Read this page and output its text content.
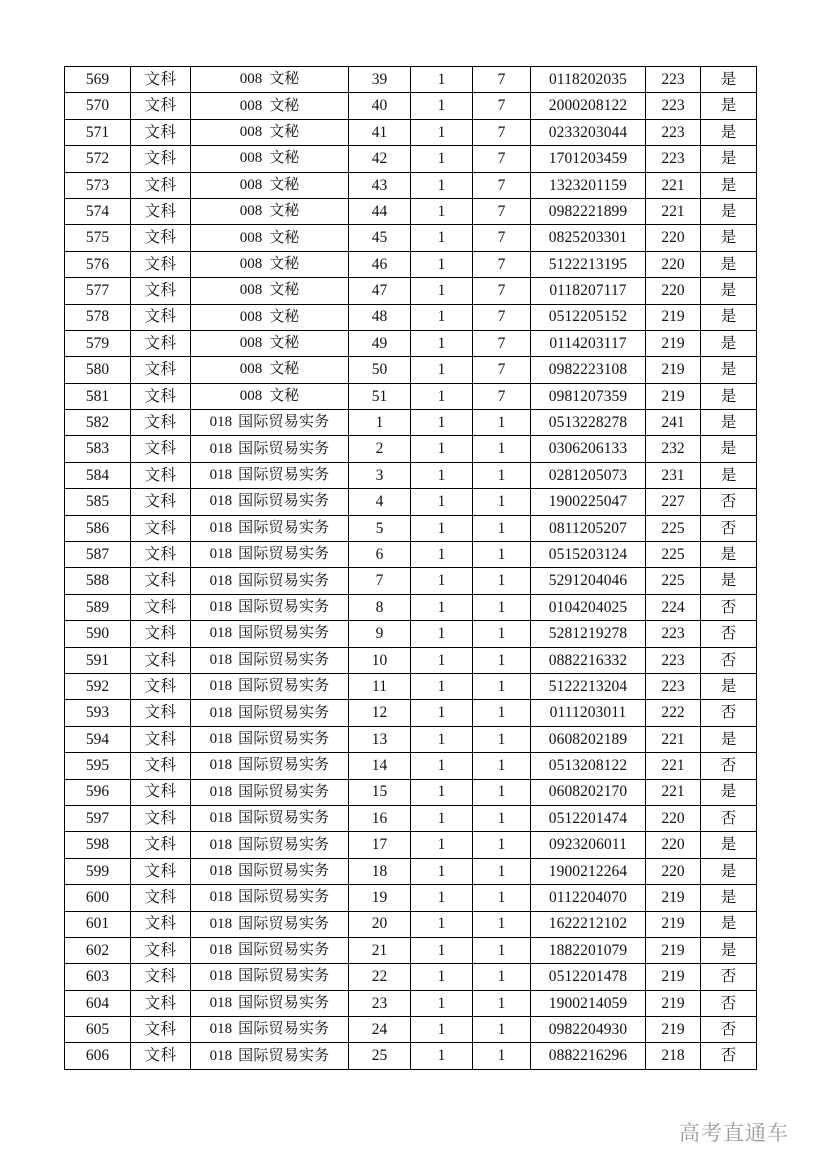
569	文科	008 文秘	39	1	7	0118202035	223	是
570	文科	008 文秘	40	1	7	2000208122	223	是
571	文科	008 文秘	41	1	7	0233203044	223	是
572	文科	008 文秘	42	1	7	1701203459	223	是
573	文科	008 文秘	43	1	7	1323201159	221	是
574	文科	008 文秘	44	1	7	0982221899	221	是
575	文科	008 文秘	45	1	7	0825203301	220	是
576	文科	008 文秘	46	1	7	5122213195	220	是
577	文科	008 文秘	47	1	7	0118207117	220	是
578	文科	008 文秘	48	1	7	0512205152	219	是
579	文科	008 文秘	49	1	7	0114203117	219	是
580	文科	008 文秘	50	1	7	0982223108	219	是
581	文科	008 文秘	51	1	7	0981207359	219	是
582	文科	018 国际贸易实务	1	1	1	0513228278	241	是
583	文科	018 国际贸易实务	2	1	1	0306206133	232	是
584	文科	018 国际贸易实务	3	1	1	0281205073	231	是
585	文科	018 国际贸易实务	4	1	1	1900225047	227	否
586	文科	018 国际贸易实务	5	1	1	0811205207	225	否
587	文科	018 国际贸易实务	6	1	1	0515203124	225	是
588	文科	018 国际贸易实务	7	1	1	5291204046	225	是
589	文科	018 国际贸易实务	8	1	1	0104204025	224	否
590	文科	018 国际贸易实务	9	1	1	5281219278	223	否
591	文科	018 国际贸易实务	10	1	1	0882216332	223	否
592	文科	018 国际贸易实务	11	1	1	5122213204	223	是
593	文科	018 国际贸易实务	12	1	1	0111203011	222	否
594	文科	018 国际贸易实务	13	1	1	0608202189	221	是
595	文科	018 国际贸易实务	14	1	1	0513208122	221	否
596	文科	018 国际贸易实务	15	1	1	0608202170	221	是
597	文科	018 国际贸易实务	16	1	1	0512201474	220	否
598	文科	018 国际贸易实务	17	1	1	0923206011	220	是
599	文科	018 国际贸易实务	18	1	1	1900212264	220	是
600	文科	018 国际贸易实务	19	1	1	0112204070	219	是
601	文科	018 国际贸易实务	20	1	1	1622212102	219	是
602	文科	018 国际贸易实务	21	1	1	1882201079	219	是
603	文科	018 国际贸易实务	22	1	1	0512201478	219	否
604	文科	018 国际贸易实务	23	1	1	1900214059	219	否
605	文科	018 国际贸易实务	24	1	1	0982204930	219	否
606	文科	018 国际贸易实务	25	1	1	0882216296	218	否
高考直通车
